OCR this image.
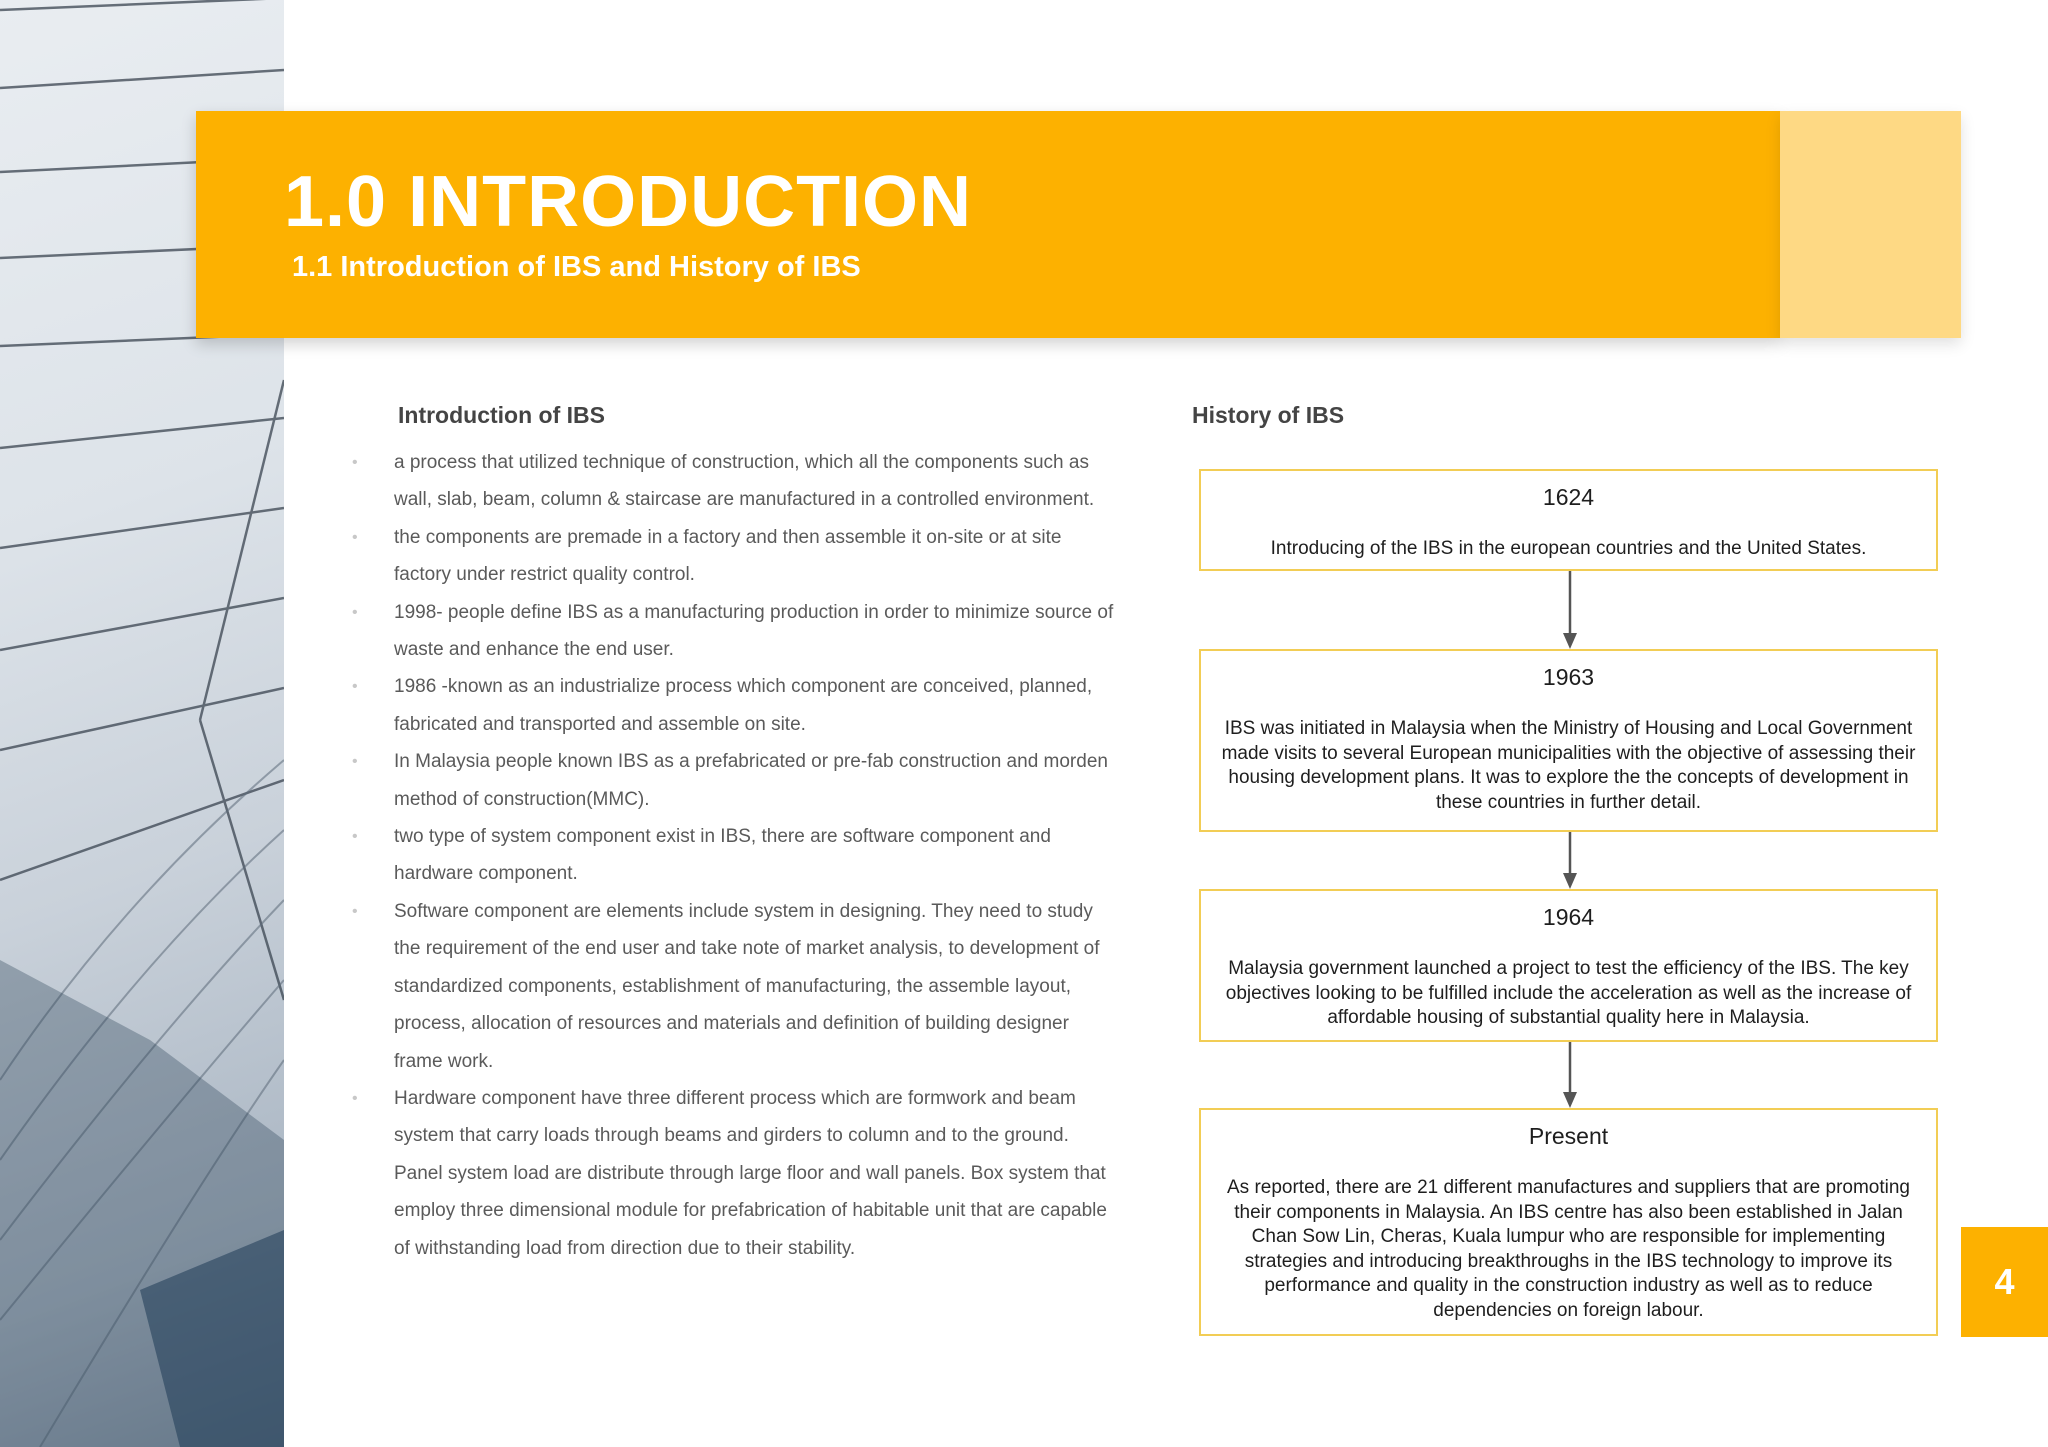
1.0 INTRODUCTION
1.1 Introduction of IBS and History of IBS
Introduction of IBS
• a process that utilized technique of construction, which all the components such as wall, slab, beam, column & staircase are manufactured in a controlled environment.
• the components are premade in a factory and then assemble it on-site or at site factory under restrict quality control.
• 1998- people define IBS as a manufacturing production in order to minimize source of waste and enhance the end user.
• 1986 -known as an industrialize process which component are conceived, planned, fabricated and transported and assemble on site.
• In Malaysia people known IBS as a prefabricated or pre-fab construction and morden method of construction(MMC).
• two type of system component exist in IBS, there are software component and hardware component.
• Software component are elements include system in designing. They need to study the requirement of the end user and take note of market analysis, to development of standardized components, establishment of manufacturing, the assemble layout, process, allocation of resources and materials and definition of building designer frame work.
• Hardware component have three different process which are formwork and beam system that carry loads through beams and girders to column and to the ground. Panel system load are distribute through large floor and wall panels. Box system that employ three dimensional module for prefabrication of habitable unit that are capable of withstanding load from direction due to their stability.
History of IBS
1624
Introducing of the IBS in the european countries and the United States.
1963
IBS was initiated in Malaysia when the Ministry of Housing and Local Government made visits to several European municipalities with the objective of assessing their housing development plans. It was to explore the the concepts of development in these countries in further detail.
1964
Malaysia government launched a project to test the efficiency of the IBS. The key objectives looking to be fulfilled include the acceleration as well as the increase of affordable housing of substantial quality here in Malaysia.
Present
As reported, there are 21 different manufactures and suppliers that are promoting their components in Malaysia. An IBS centre has also been established in Jalan Chan Sow Lin, Cheras, Kuala lumpur who are responsible for implementing strategies and introducing breakthroughs in the IBS technology to improve its performance and quality in the construction industry as well as to reduce dependencies on foreign labour.
4
